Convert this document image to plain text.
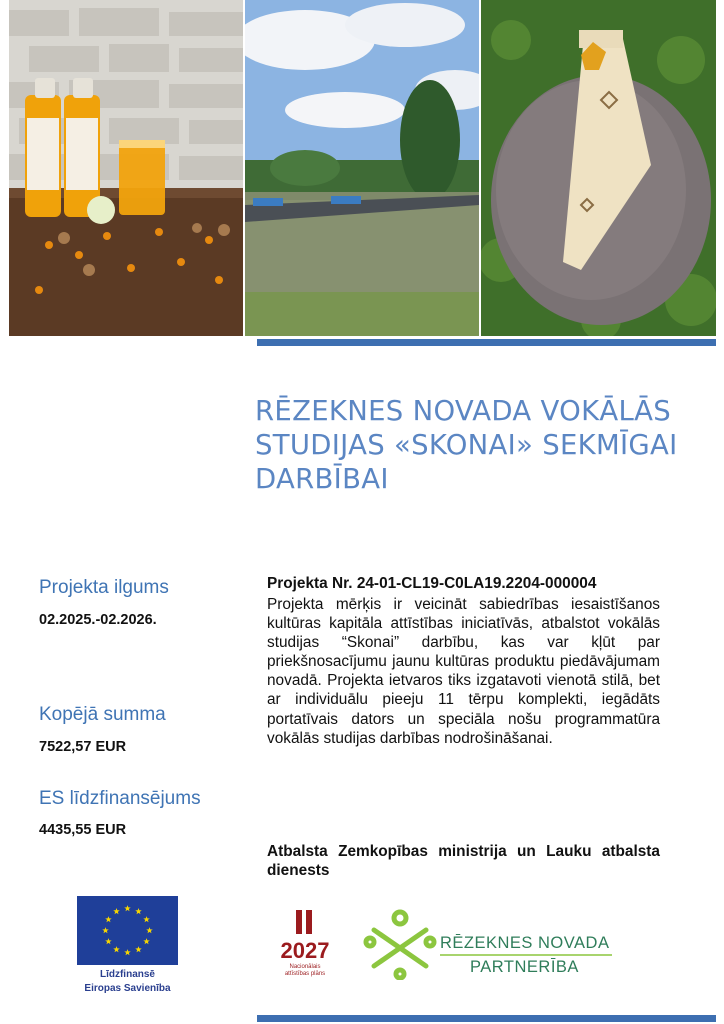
RĒZEKNES NOVADA VOKĀLĀS
STUDIJAS «SKONAI» SEKMĪGAI
DARBĪBAI
Projekta ilgums
02.2025.-02.2026.
Kopējā summa
7522,57 EUR
ES līdzfinansējums
4435,55 EUR
Projekta Nr. 24-01-CL19-C0LA19.2204-000004
Projekta mērķis ir veicināt sabiedrības iesaistīšanos kultūras kapitāla attīstības iniciatīvās, atbalstot vokālās studijas “Skonai” darbību, kas var kļūt par priekšnosacījumu jaunu kultūras produktu piedāvājumam novadā. Projekta ietvaros tiks izgatavoti vienotā stilā, bet ar individuālu pieeju 11 tērpu komplekti, iegādāts portatīvais dators un speciāla nošu programmatūra vokālās studijas darbības nodrošināšanai.
Atbalsta Zemkopības ministrija un Lauku atbalsta dienests
Līdzfinansē
Eiropas Savienība
2027
Nacionālais
attīstības plāns
RĒZEKNES NOVADA
PARTNERĪBA
